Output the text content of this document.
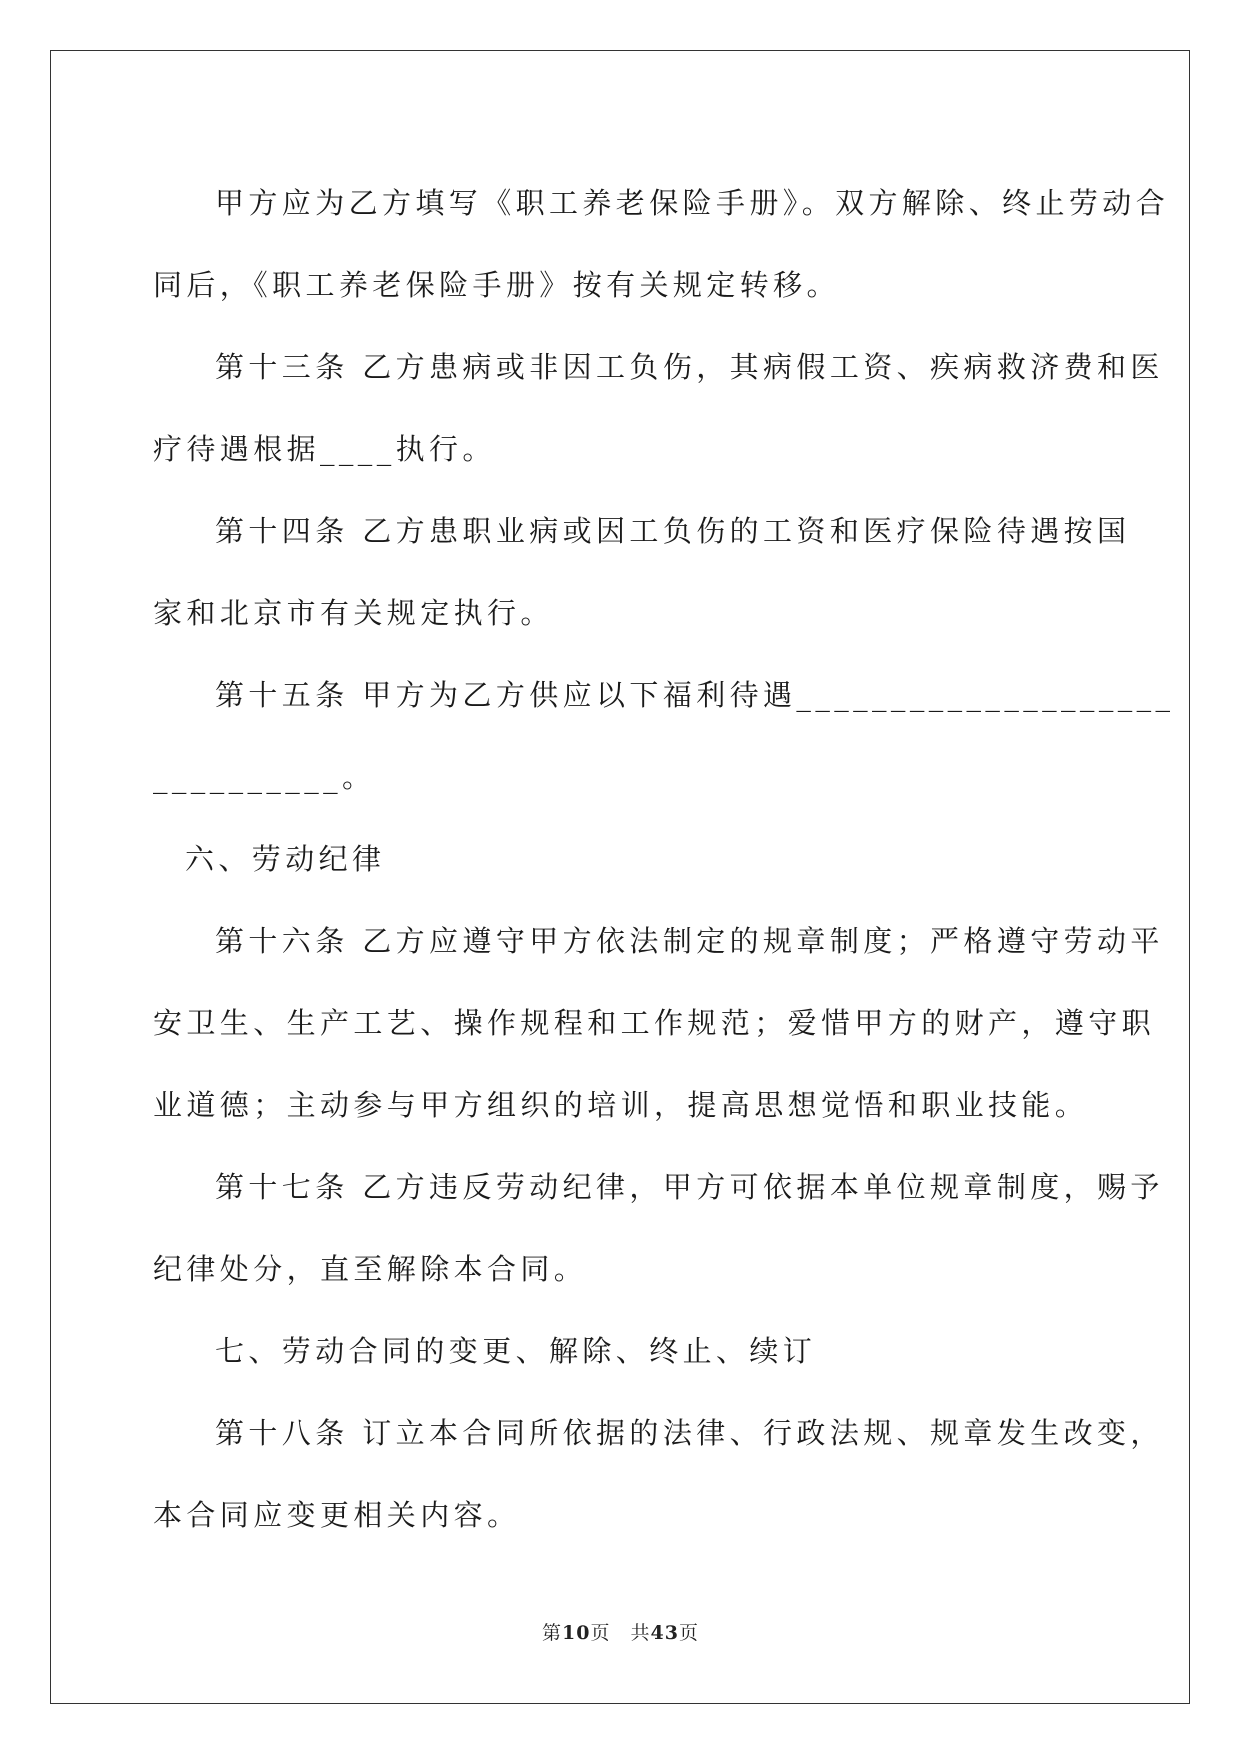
甲方应为乙方填写《职工养老保险手册》。双方解除、终止劳动合

同后，《职工养老保险手册》按有关规定转移。

第十三条 乙方患病或非因工负伤，其病假工资、疾病救济费和医

疗待遇根据____执行。

第十四条 乙方患职业病或因工负伤的工资和医疗保险待遇按国

家和北京市有关规定执行。

第十五条 甲方为乙方供应以下福利待遇____________________

__________。

六、劳动纪律

第十六条 乙方应遵守甲方依法制定的规章制度；严格遵守劳动平

安卫生、生产工艺、操作规程和工作规范；爱惜甲方的财产，遵守职

业道德；主动参与甲方组织的培训，提高思想觉悟和职业技能。

第十七条 乙方违反劳动纪律，甲方可依据本单位规章制度，赐予

纪律处分，直至解除本合同。

七、劳动合同的变更、解除、终止、续订

第十八条 订立本合同所依据的法律、行政法规、规章发生改变，

本合同应变更相关内容。

第10页 共43页
